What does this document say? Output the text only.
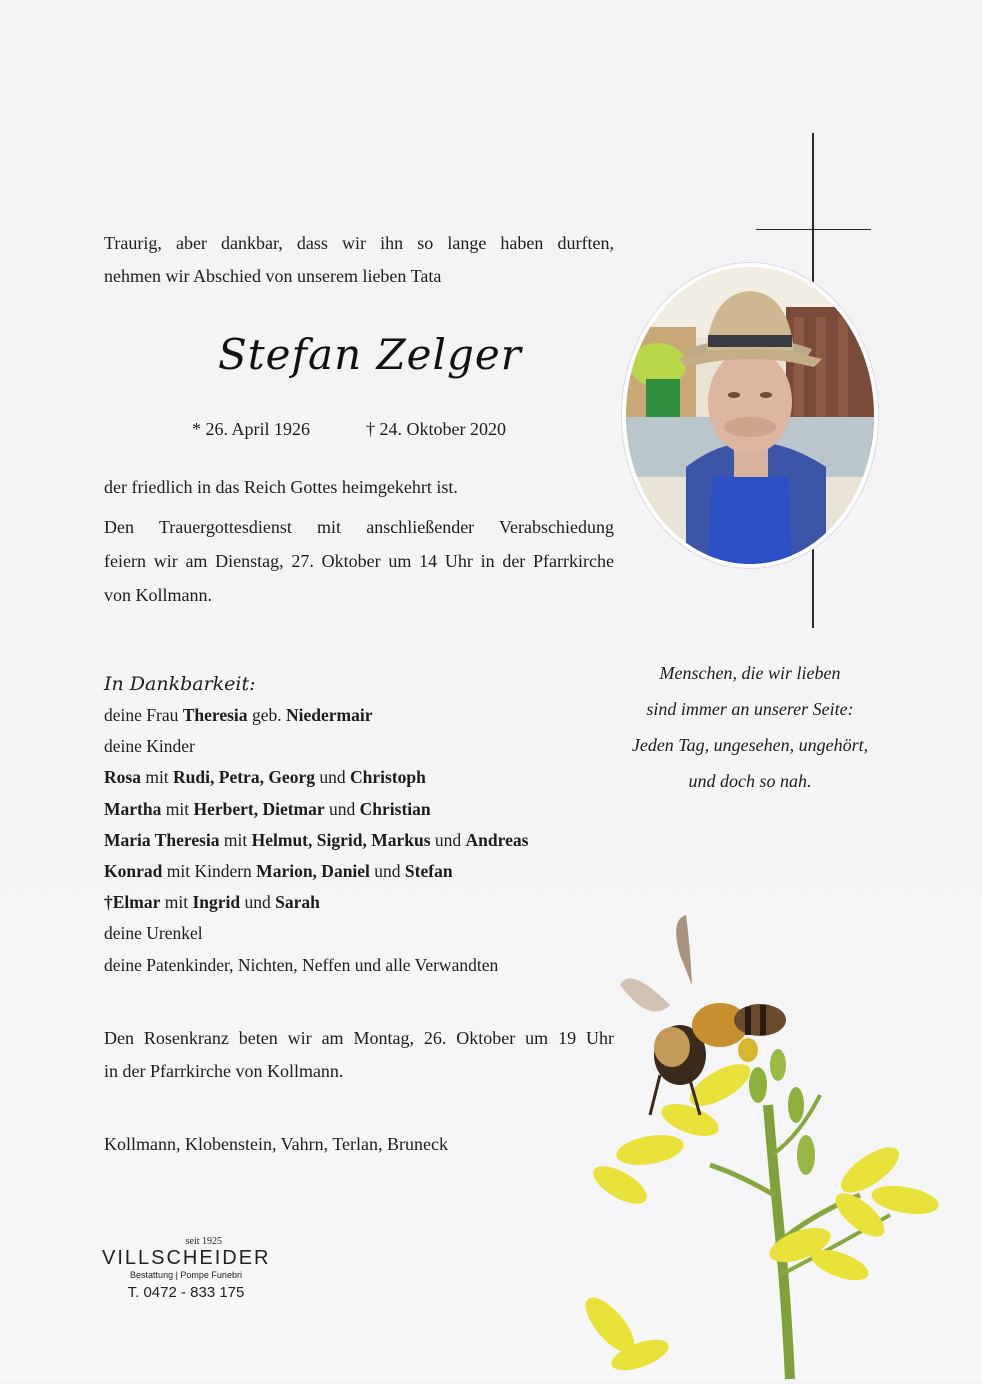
Traurig, aber dankbar, dass wir ihn so lange haben durften,
nehmen wir Abschied von unserem lieben Tata
Stefan Zelger
* 26. April 1926	† 24. Oktober 2020
der friedlich in das Reich Gottes heimgekehrt ist.
Den Trauergottesdienst mit anschließender Verabschiedung
feiern wir am Dienstag, 27. Oktober um 14 Uhr in der Pfarrkirche
von Kollmann.
Menschen, die wir lieben
sind immer an unserer Seite:
Jeden Tag, ungesehen, ungehört,
und doch so nah.
In Dankbarkeit:
deine Frau Theresia geb. Niedermair
deine Kinder
Rosa mit Rudi, Petra, Georg und Christoph
Martha mit Herbert, Dietmar und Christian
Maria Theresia mit Helmut, Sigrid, Markus und Andreas
Konrad mit Kindern Marion, Daniel und Stefan
†Elmar mit Ingrid und Sarah
deine Urenkel
deine Patenkinder, Nichten, Neffen und alle Verwandten
Den Rosenkranz beten wir am Montag, 26. Oktober um 19 Uhr
in der Pfarrkirche von Kollmann.
Kollmann, Klobenstein, Vahrn, Terlan, Bruneck
seit 1925
VILLSCHEIDER
Bestattung | Pompe Funebri
T. 0472 - 833 175
